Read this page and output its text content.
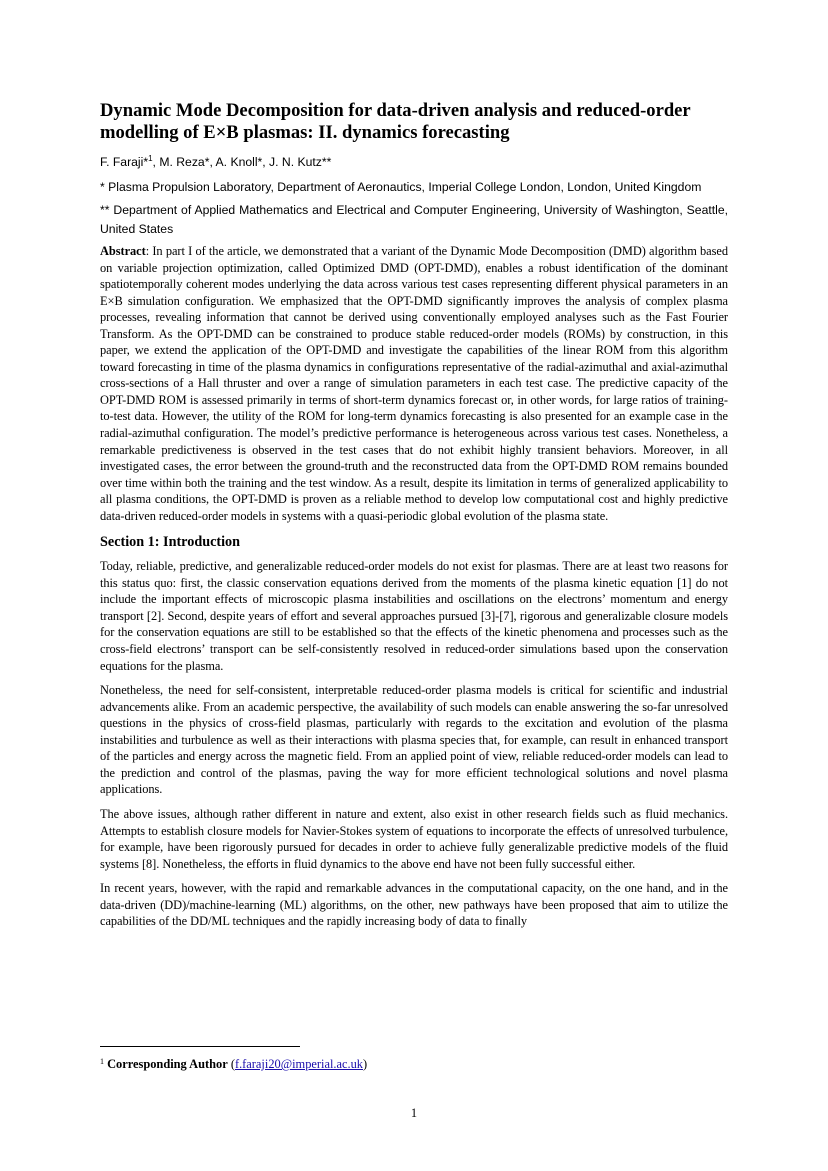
Dynamic Mode Decomposition for data-driven analysis and reduced-order
modelling of E×B plasmas: II. dynamics forecasting

F. Faraji*$^1$, M. Reza*, A. Knoll*, J. N. Kutz**

* Plasma Propulsion Laboratory, Department of Aeronautics, Imperial College London, London, United Kingdom

** Department of Applied Mathematics and Electrical and Computer Engineering, University of Washington, Seattle, United States

Abstract: In part I of the article, we demonstrated that a variant of the Dynamic Mode Decomposition (DMD) algorithm based on variable projection optimization, called Optimized DMD (OPT-DMD), enables a robust identification of the dominant spatiotemporally coherent modes underlying the data across various test cases representing different physical parameters in an E×B simulation configuration. We emphasized that the OPT-DMD significantly improves the analysis of complex plasma processes, revealing information that cannot be derived using conventionally employed analyses such as the Fast Fourier Transform. As the OPT-DMD can be constrained to produce stable reduced-order models (ROMs) by construction, in this paper, we extend the application of the OPT-DMD and investigate the capabilities of the linear ROM from this algorithm toward forecasting in time of the plasma dynamics in configurations representative of the radial-azimuthal and axial-azimuthal cross-sections of a Hall thruster and over a range of simulation parameters in each test case. The predictive capacity of the OPT-DMD ROM is assessed primarily in terms of short-term dynamics forecast or, in other words, for large ratios of training-to-test data. However, the utility of the ROM for long-term dynamics forecasting is also presented for an example case in the radial-azimuthal configuration. The model’s predictive performance is heterogeneous across various test cases. Nonetheless, a remarkable predictiveness is observed in the test cases that do not exhibit highly transient behaviors. Moreover, in all investigated cases, the error between the ground-truth and the reconstructed data from the OPT-DMD ROM remains bounded over time within both the training and the test window. As a result, despite its limitation in terms of generalized applicability to all plasma conditions, the OPT-DMD is proven as a reliable method to develop low computational cost and highly predictive data-driven reduced-order models in systems with a quasi-periodic global evolution of the plasma state.

Section 1: Introduction

Today, reliable, predictive, and generalizable reduced-order models do not exist for plasmas. There are at least two reasons for this status quo: first, the classic conservation equations derived from the moments of the plasma kinetic equation [1] do not include the important effects of microscopic plasma instabilities and oscillations on the electrons’ momentum and energy transport [2]. Second, despite years of effort and several approaches pursued [3]-[7], rigorous and generalizable closure models for the conservation equations are still to be established so that the effects of the kinetic phenomena and processes such as the cross-field electrons’ transport can be self-consistently resolved in reduced-order simulations based upon the conservation equations for the plasma.

Nonetheless, the need for self-consistent, interpretable reduced-order plasma models is critical for scientific and industrial advancements alike. From an academic perspective, the availability of such models can enable answering the so-far unresolved questions in the physics of cross-field plasmas, particularly with regards to the excitation and evolution of the plasma instabilities and turbulence as well as their interactions with plasma species that, for example, can result in enhanced transport of the particles and energy across the magnetic field. From an applied point of view, reliable reduced-order models can lead to the prediction and control of the plasmas, paving the way for more efficient technological solutions and novel plasma applications.

The above issues, although rather different in nature and extent, also exist in other research fields such as fluid mechanics. Attempts to establish closure models for Navier-Stokes system of equations to incorporate the effects of unresolved turbulence, for example, have been rigorously pursued for decades in order to achieve fully generalizable predictive models of the fluid systems [8]. Nonetheless, the efforts in fluid dynamics to the above end have not been fully successful either.

In recent years, however, with the rapid and remarkable advances in the computational capacity, on the one hand, and in the data-driven (DD)/machine-learning (ML) algorithms, on the other, new pathways have been proposed that aim to utilize the capabilities of the DD/ML techniques and the rapidly increasing body of data to finally

$^1$ Corresponding Author (f.faraji20@imperial.ac.uk)
1
